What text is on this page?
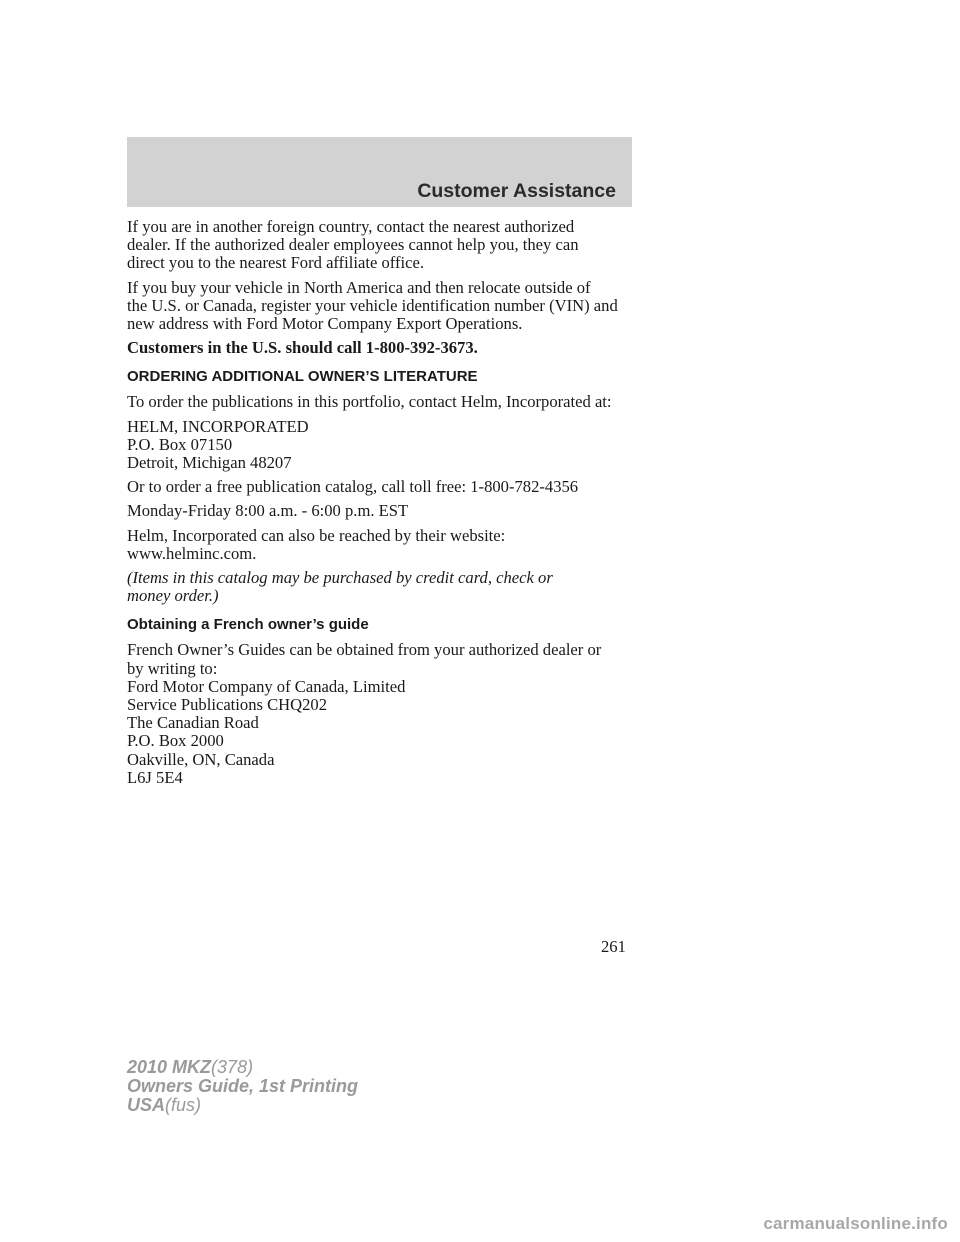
Customer Assistance

If you are in another foreign country, contact the nearest authorized
dealer. If the authorized dealer employees cannot help you, they can
direct you to the nearest Ford affiliate office.

If you buy your vehicle in North America and then relocate outside of
the U.S. or Canada, register your vehicle identification number (VIN) and
new address with Ford Motor Company Export Operations.

Customers in the U.S. should call 1-800-392-3673.

ORDERING ADDITIONAL OWNER’S LITERATURE

To order the publications in this portfolio, contact Helm, Incorporated at:

HELM, INCORPORATED
P.O. Box 07150
Detroit, Michigan 48207

Or to order a free publication catalog, call toll free: 1-800-782-4356

Monday-Friday 8:00 a.m. - 6:00 p.m. EST

Helm, Incorporated can also be reached by their website:
www.helminc.com.

(Items in this catalog may be purchased by credit card, check or
money order.)

Obtaining a French owner’s guide

French Owner’s Guides can be obtained from your authorized dealer or
by writing to:
Ford Motor Company of Canada, Limited
Service Publications CHQ202
The Canadian Road
P.O. Box 2000
Oakville, ON, Canada
L6J 5E4

261
2010 MKZ(378)
Owners Guide, 1st Printing
USA(fus)
carmanualsonline.info
